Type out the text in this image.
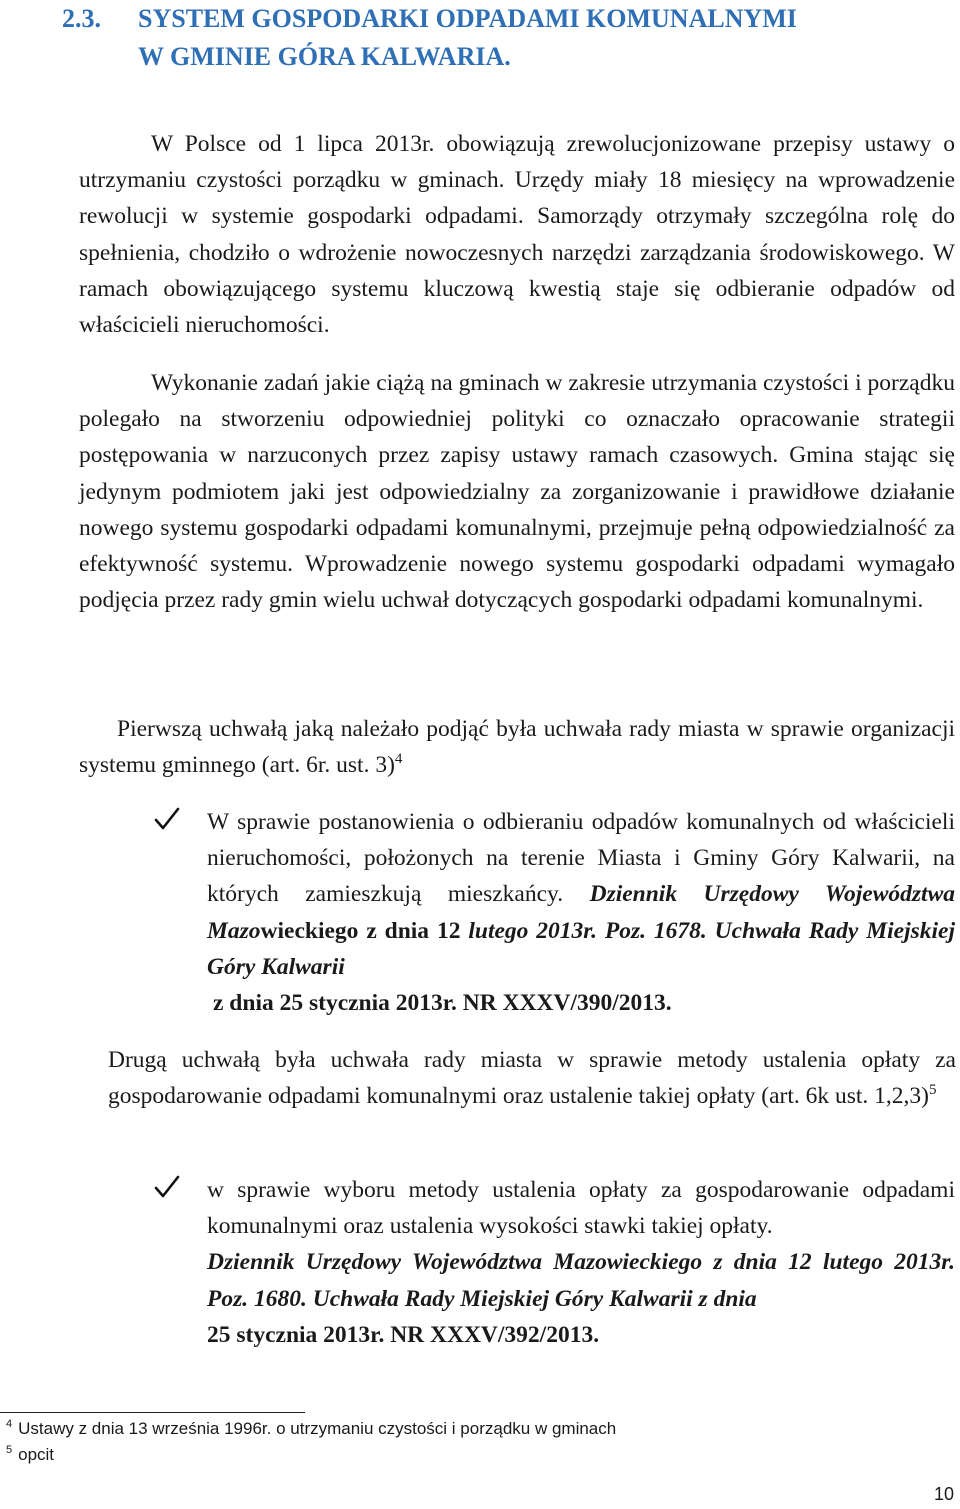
2.3. SYSTEM GOSPODARKI ODPADAMI KOMUNALNYMI
W GMINIE GÓRA KALWARIA.

W Polsce od 1 lipca 2013r. obowiązują zrewolucjonizowane przepisy ustawy o utrzymaniu czystości porządku w gminach. Urzędy miały 18 miesięcy na wprowadzenie rewolucji w systemie gospodarki odpadami. Samorządy otrzymały szczególna rolę do spełnienia, chodziło o wdrożenie nowoczesnych narzędzi zarządzania środowiskowego. W ramach obowiązującego systemu kluczową kwestią staje się odbieranie odpadów od właścicieli nieruchomości.

Wykonanie zadań jakie ciążą na gminach w zakresie utrzymania czystości i porządku polegało na stworzeniu odpowiedniej polityki co oznaczało opracowanie strategii postępowania w narzuconych przez zapisy ustawy ramach czasowych. Gmina stając się jedynym podmiotem jaki jest odpowiedzialny za zorganizowanie i prawidłowe działanie nowego systemu gospodarki odpadami komunalnymi, przejmuje pełną odpowiedzialność za efektywność systemu. Wprowadzenie nowego systemu gospodarki odpadami wymagało podjęcia przez rady gmin wielu uchwał dotyczących gospodarki odpadami komunalnymi.

Pierwszą uchwałą jaką należało podjąć była uchwała rady miasta w sprawie organizacji systemu gminnego (art. 6r. ust. 3)$^4$

W sprawie postanowienia o odbieraniu odpadów komunalnych od właścicieli nieruchomości, położonych na terenie Miasta i Gminy Góry Kalwarii, na których zamieszkują mieszkańcy. Dziennik Urzędowy Województwa Mazowieckiego z dnia 12 lutego 2013r. Poz. 1678. Uchwała Rady Miejskiej Góry Kalwarii
z dnia 25 stycznia 2013r. NR XXXV/390/2013.

Drugą uchwałą była uchwała rady miasta w sprawie metody ustalenia opłaty za gospodarowanie odpadami komunalnymi oraz ustalenie takiej opłaty (art. 6k ust. 1,2,3)$^5$

w sprawie wyboru metody ustalenia opłaty za gospodarowanie odpadami komunalnymi oraz ustalenia wysokości stawki takiej opłaty.
Dziennik Urzędowy Województwa Mazowieckiego z dnia 12 lutego 2013r. Poz. 1680. Uchwała Rady Miejskiej Góry Kalwarii z dnia
25 stycznia 2013r. NR XXXV/392/2013.

$^4$ Ustawy z dnia 13 września 1996r. o utrzymaniu czystości i porządku w gminach
$^5$ opcit
10
